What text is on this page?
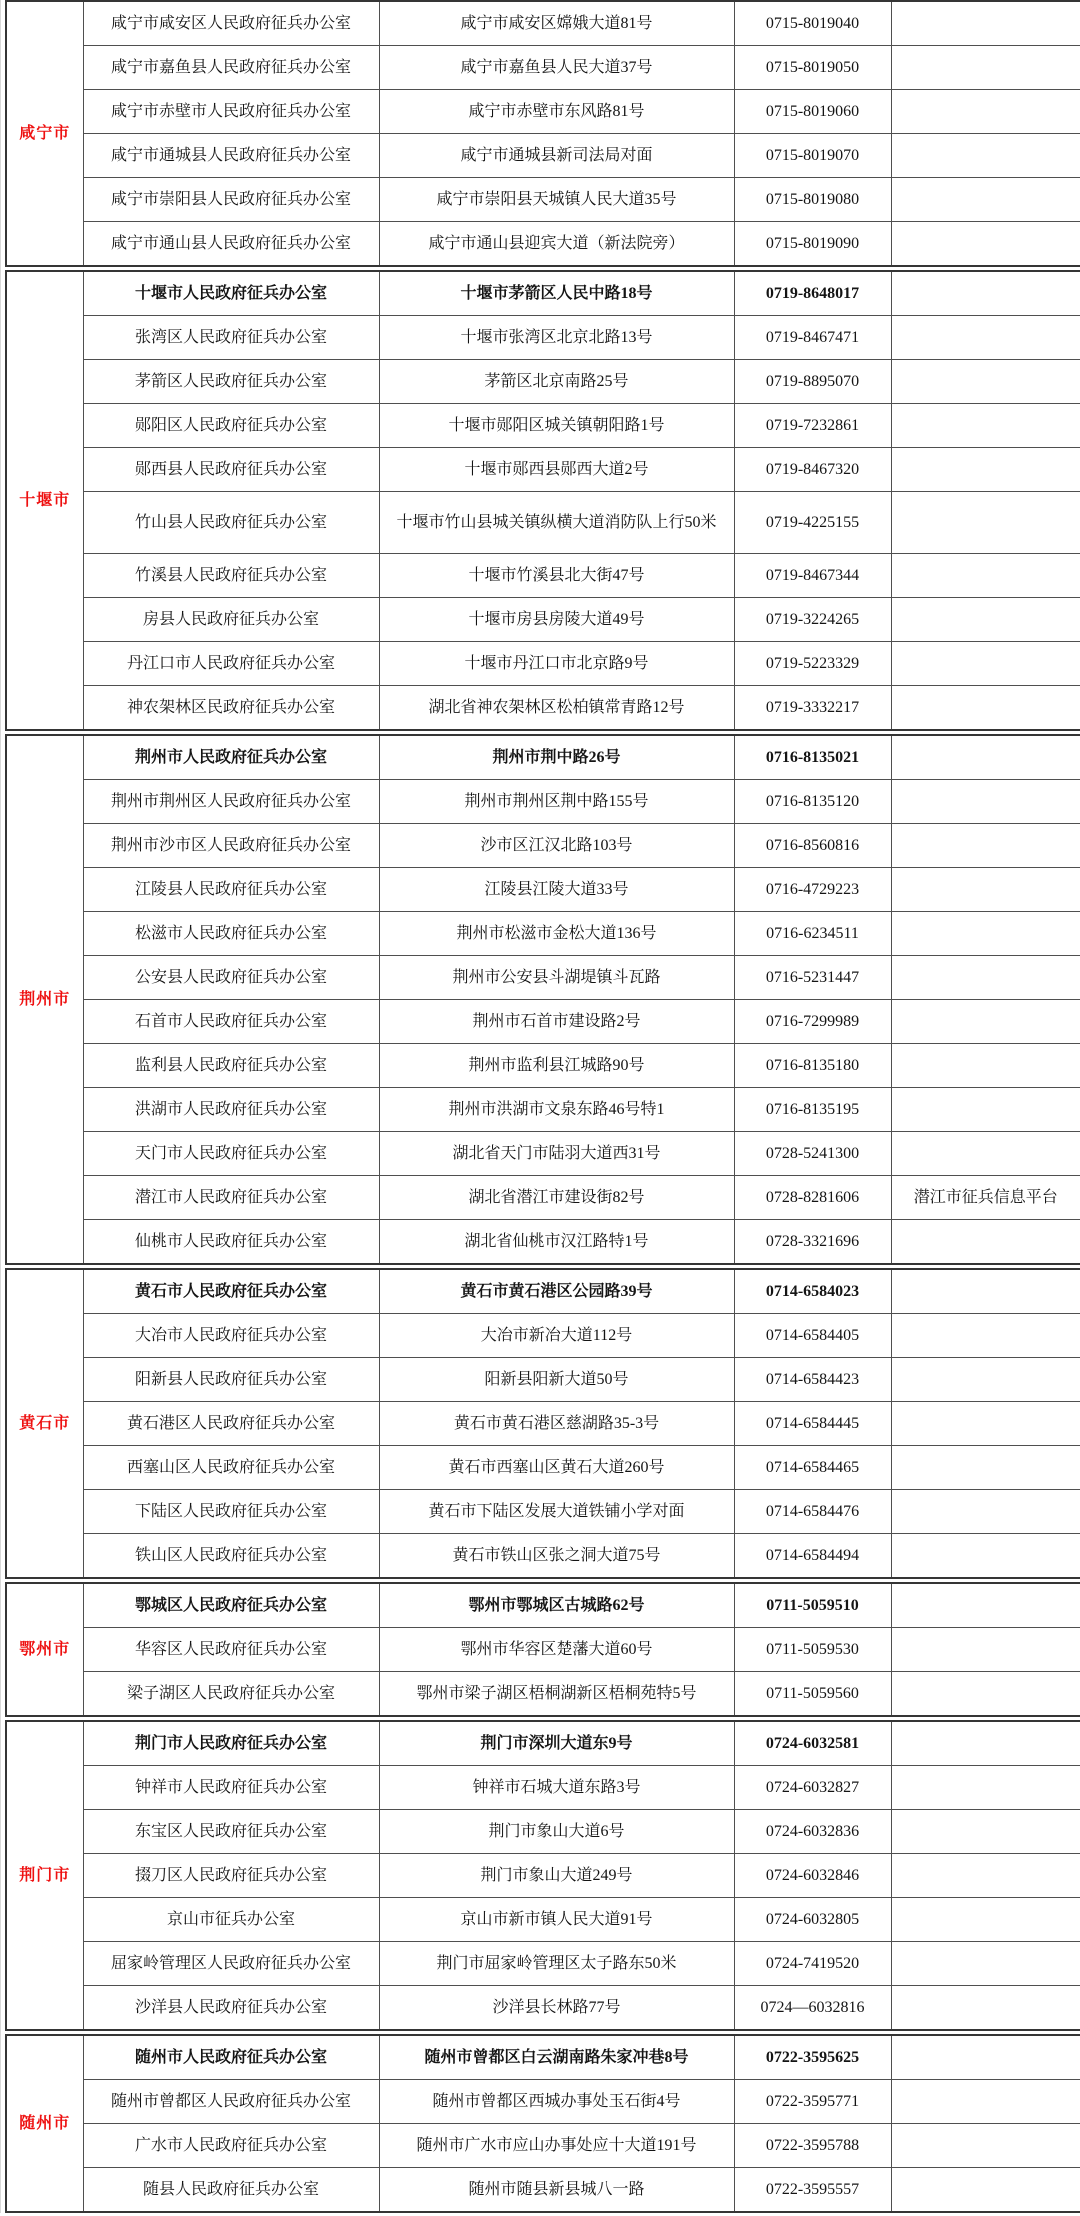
咸宁市	咸宁市咸安区人民政府征兵办公室	咸宁市咸安区嫦娥大道81号	0715-8019040	
	咸宁市嘉鱼县人民政府征兵办公室	咸宁市嘉鱼县人民大道37号	0715-8019050	
	咸宁市赤壁市人民政府征兵办公室	咸宁市赤壁市东风路81号	0715-8019060	
	咸宁市通城县人民政府征兵办公室	咸宁市通城县新司法局对面	0715-8019070	
	咸宁市崇阳县人民政府征兵办公室	咸宁市崇阳县天城镇人民大道35号	0715-8019080	
	咸宁市通山县人民政府征兵办公室	咸宁市通山县迎宾大道（新法院旁）	0715-8019090	
十堰市	十堰市人民政府征兵办公室	十堰市茅箭区人民中路18号	0719-8648017	
	张湾区人民政府征兵办公室	十堰市张湾区北京北路13号	0719-8467471	
	茅箭区人民政府征兵办公室	茅箭区北京南路25号	0719-8895070	
	郧阳区人民政府征兵办公室	十堰市郧阳区城关镇朝阳路1号	0719-7232861	
	郧西县人民政府征兵办公室	十堰市郧西县郧西大道2号	0719-8467320	
	竹山县人民政府征兵办公室	十堰市竹山县城关镇纵横大道消防队上行50米	0719-4225155	
	竹溪县人民政府征兵办公室	十堰市竹溪县北大街47号	0719-8467344	
	房县人民政府征兵办公室	十堰市房县房陵大道49号	0719-3224265	
	丹江口市人民政府征兵办公室	十堰市丹江口市北京路9号	0719-5223329	
	神农架林区民政府征兵办公室	湖北省神农架林区松柏镇常青路12号	0719-3332217	
荆州市	荆州市人民政府征兵办公室	荆州市荆中路26号	0716-8135021	
	荆州市荆州区人民政府征兵办公室	荆州市荆州区荆中路155号	0716-8135120	
	荆州市沙市区人民政府征兵办公室	沙市区江汉北路103号	0716-8560816	
	江陵县人民政府征兵办公室	江陵县江陵大道33号	0716-4729223	
	松滋市人民政府征兵办公室	荆州市松滋市金松大道136号	0716-6234511	
	公安县人民政府征兵办公室	荆州市公安县斗湖堤镇斗瓦路	0716-5231447	
	石首市人民政府征兵办公室	荆州市石首市建设路2号	0716-7299989	
	监利县人民政府征兵办公室	荆州市监利县江城路90号	0716-8135180	
	洪湖市人民政府征兵办公室	荆州市洪湖市文泉东路46号特1	0716-8135195	
	天门市人民政府征兵办公室	湖北省天门市陆羽大道西31号	0728-5241300	
	潜江市人民政府征兵办公室	湖北省潜江市建设街82号	0728-8281606	潜江市征兵信息平台
	仙桃市人民政府征兵办公室	湖北省仙桃市汉江路特1号	0728-3321696	
黄石市	黄石市人民政府征兵办公室	黄石市黄石港区公园路39号	0714-6584023	
	大冶市人民政府征兵办公室	大冶市新冶大道112号	0714-6584405	
	阳新县人民政府征兵办公室	阳新县阳新大道50号	0714-6584423	
	黄石港区人民政府征兵办公室	黄石市黄石港区慈湖路35-3号	0714-6584445	
	西塞山区人民政府征兵办公室	黄石市西塞山区黄石大道260号	0714-6584465	
	下陆区人民政府征兵办公室	黄石市下陆区发展大道铁铺小学对面	0714-6584476	
	铁山区人民政府征兵办公室	黄石市铁山区张之洞大道75号	0714-6584494	
鄂州市	鄂城区人民政府征兵办公室	鄂州市鄂城区古城路62号	0711-5059510	
	华容区人民政府征兵办公室	鄂州市华容区楚藩大道60号	0711-5059530	
	梁子湖区人民政府征兵办公室	鄂州市梁子湖区梧桐湖新区梧桐苑特5号	0711-5059560	
荆门市	荆门市人民政府征兵办公室	荆门市深圳大道东9号	0724-6032581	
	钟祥市人民政府征兵办公室	钟祥市石城大道东路3号	0724-6032827	
	东宝区人民政府征兵办公室	荆门市象山大道6号	0724-6032836	
	掇刀区人民政府征兵办公室	荆门市象山大道249号	0724-6032846	
	京山市征兵办公室	京山市新市镇人民大道91号	0724-6032805	
	屈家岭管理区人民政府征兵办公室	荆门市屈家岭管理区太子路东50米	0724-7419520	
	沙洋县人民政府征兵办公室	沙洋县长林路77号	0724—6032816	
随州市	随州市人民政府征兵办公室	随州市曾都区白云湖南路朱家冲巷8号	0722-3595625	
	随州市曾都区人民政府征兵办公室	随州市曾都区西城办事处玉石街4号	0722-3595771	
	广水市人民政府征兵办公室	随州市广水市应山办事处应十大道191号	0722-3595788	
	随县人民政府征兵办公室	随州市随县新县城八一路	0722-3595557	
